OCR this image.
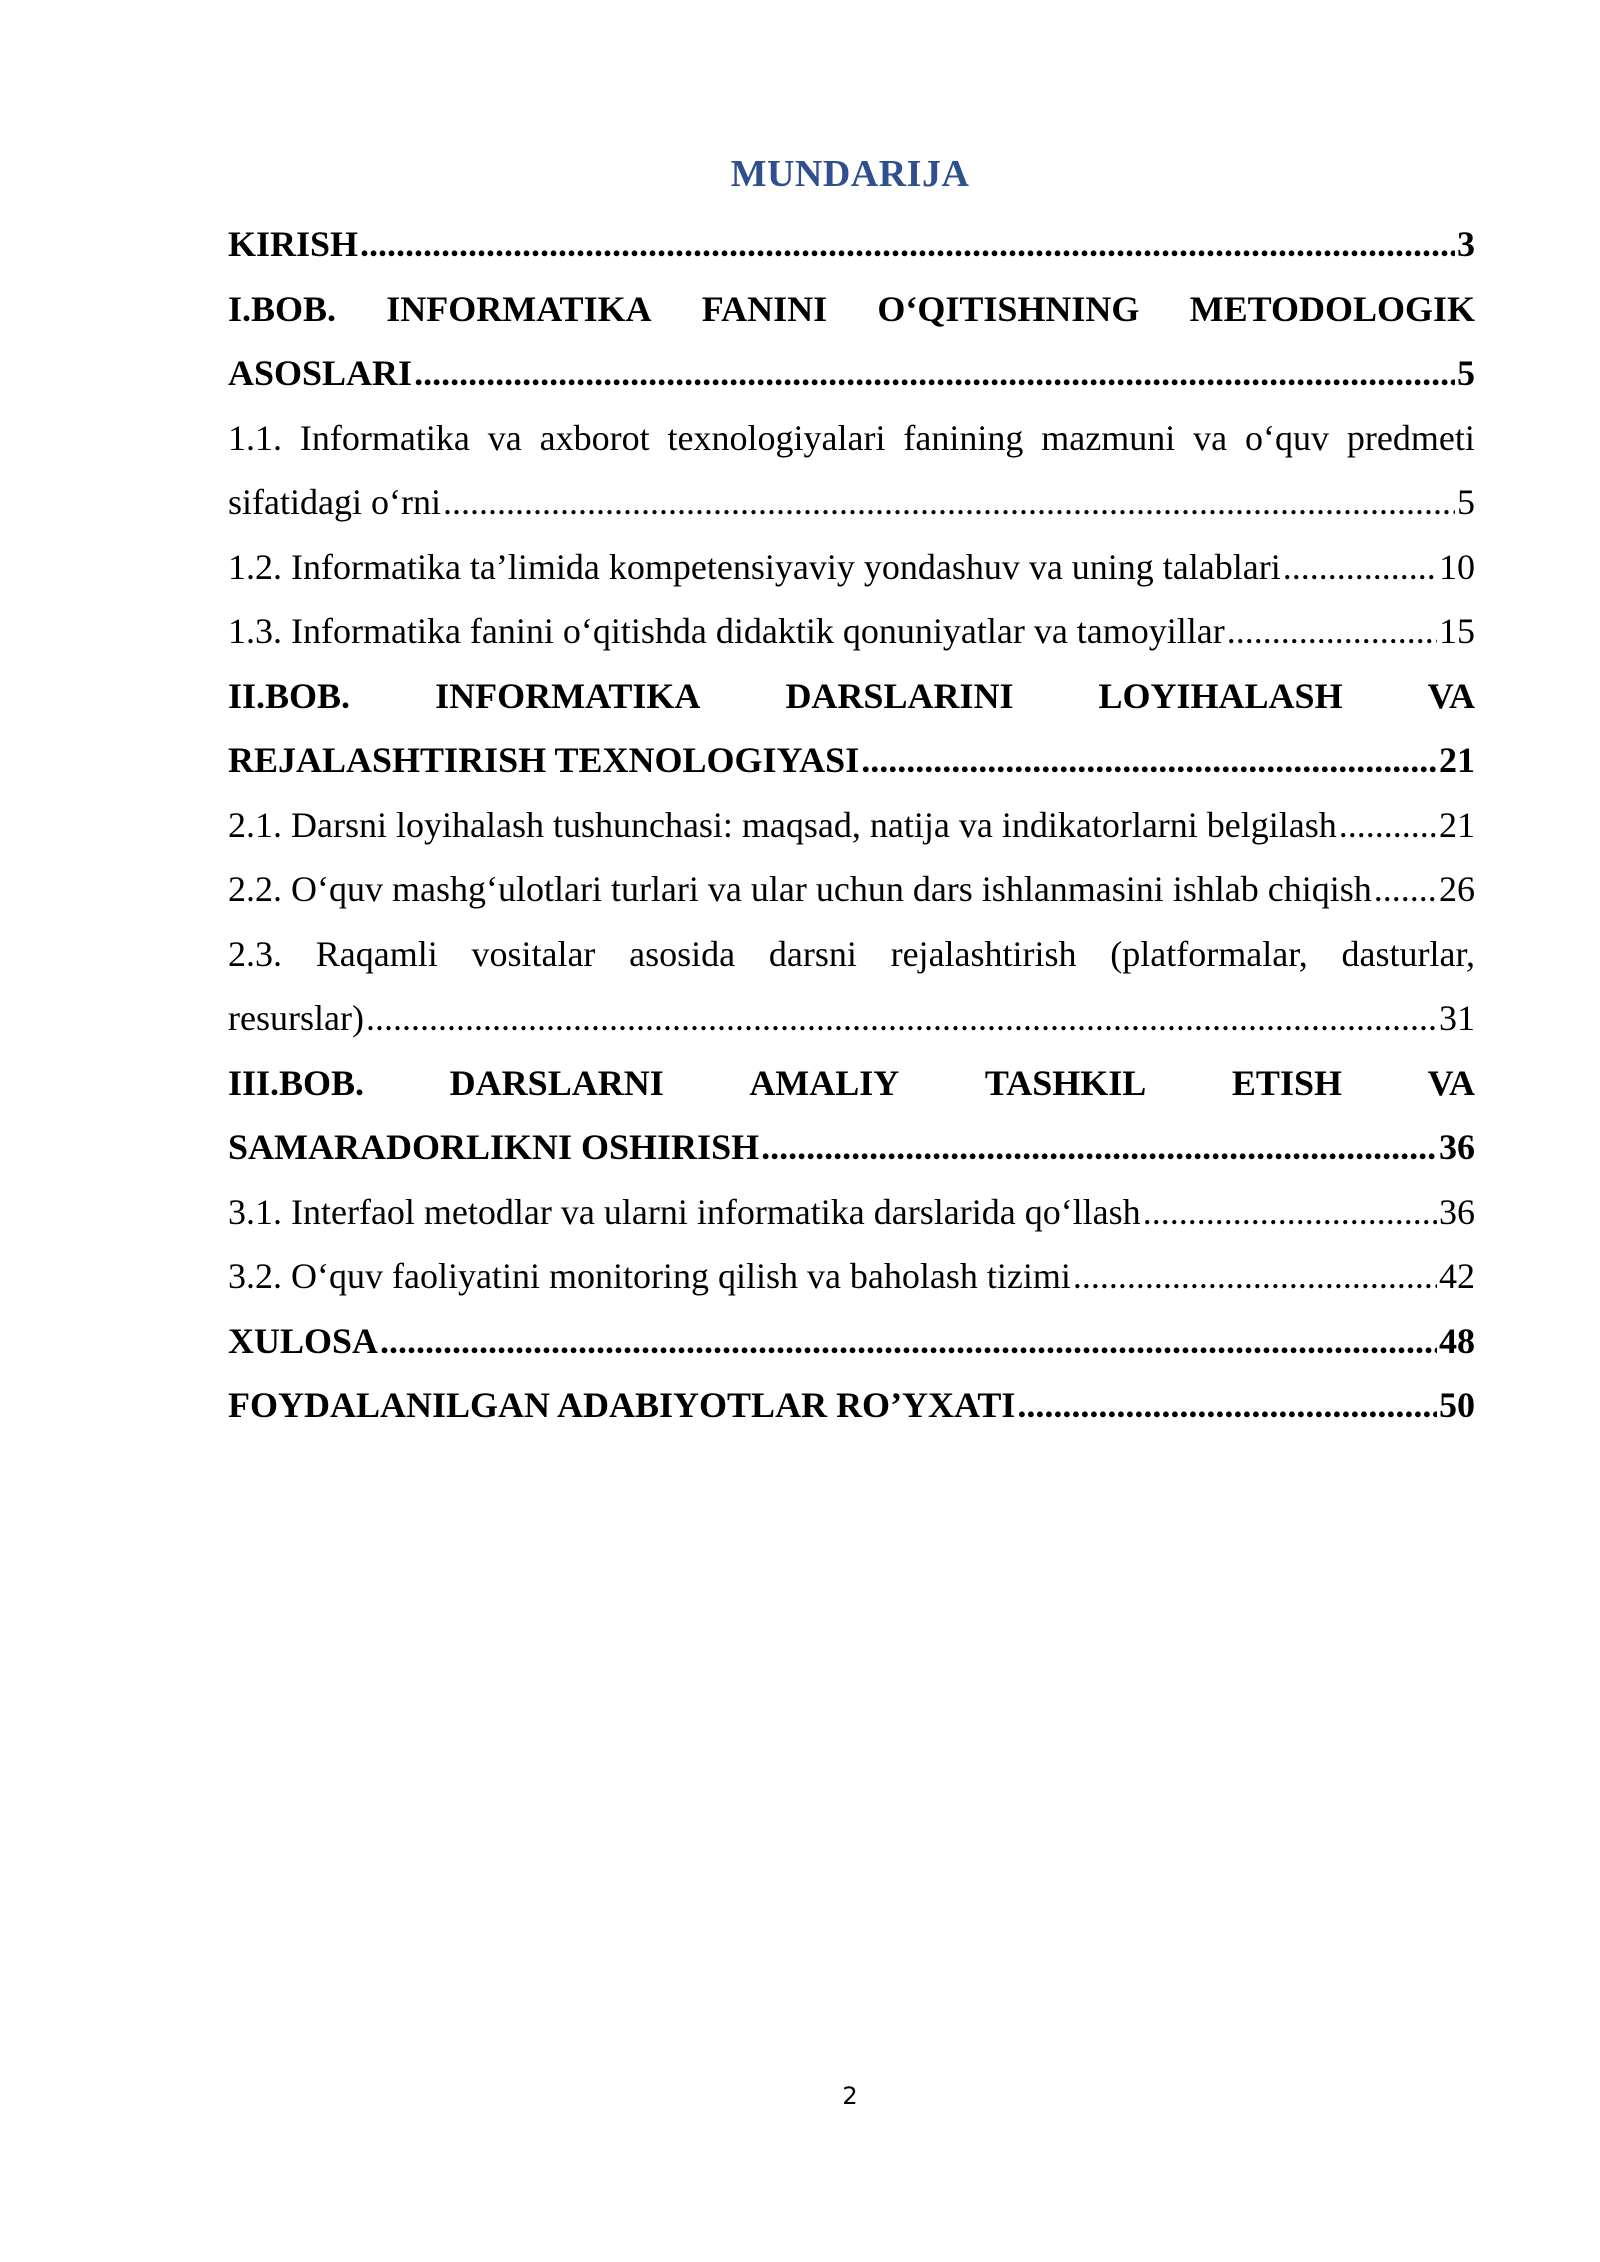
MUNDARIJA
KIRISH .....	3
I.BOB. INFORMATIKA FANINI O‘QITISHNING METODOLOGIK
ASOSLARI .....	5
1.1. Informatika va axborot texnologiyalari fanining mazmuni va o‘quv predmeti
sifatidagi o‘rni .....	5
1.2. Informatika ta’limida kompetensiyaviy yondashuv va uning talablari .....	10
1.3. Informatika fanini o‘qitishda didaktik qonuniyatlar va tamoyillar .....	15
II.BOB. INFORMATIKA DARSLARINI LOYIHALASH VA
REJALASHTIRISH TEXNOLOGIYASI .....	21
2.1. Darsni loyihalash tushunchasi: maqsad, natija va indikatorlarni belgilash .....	21
2.2. O‘quv mashg‘ulotlari turlari va ular uchun dars ishlanmasini ishlab chiqish ..... 26
2.3. Raqamli vositalar asosida darsni rejalashtirish (platformalar, dasturlar,
resurslar) .....	31
III.BOB. DARSLARNI AMALIY TASHKIL ETISH VA
SAMARADORLIKNI OSHIRISH .....	36
3.1. Interfaol metodlar va ularni informatika darslarida qo‘llash .....	36
3.2. O‘quv faoliyatini monitoring qilish va baholash tizimi .....	42
XULOSA .....	48
FOYDALANILGAN ADABIYOTLAR RO’YXATI .....	50
2
